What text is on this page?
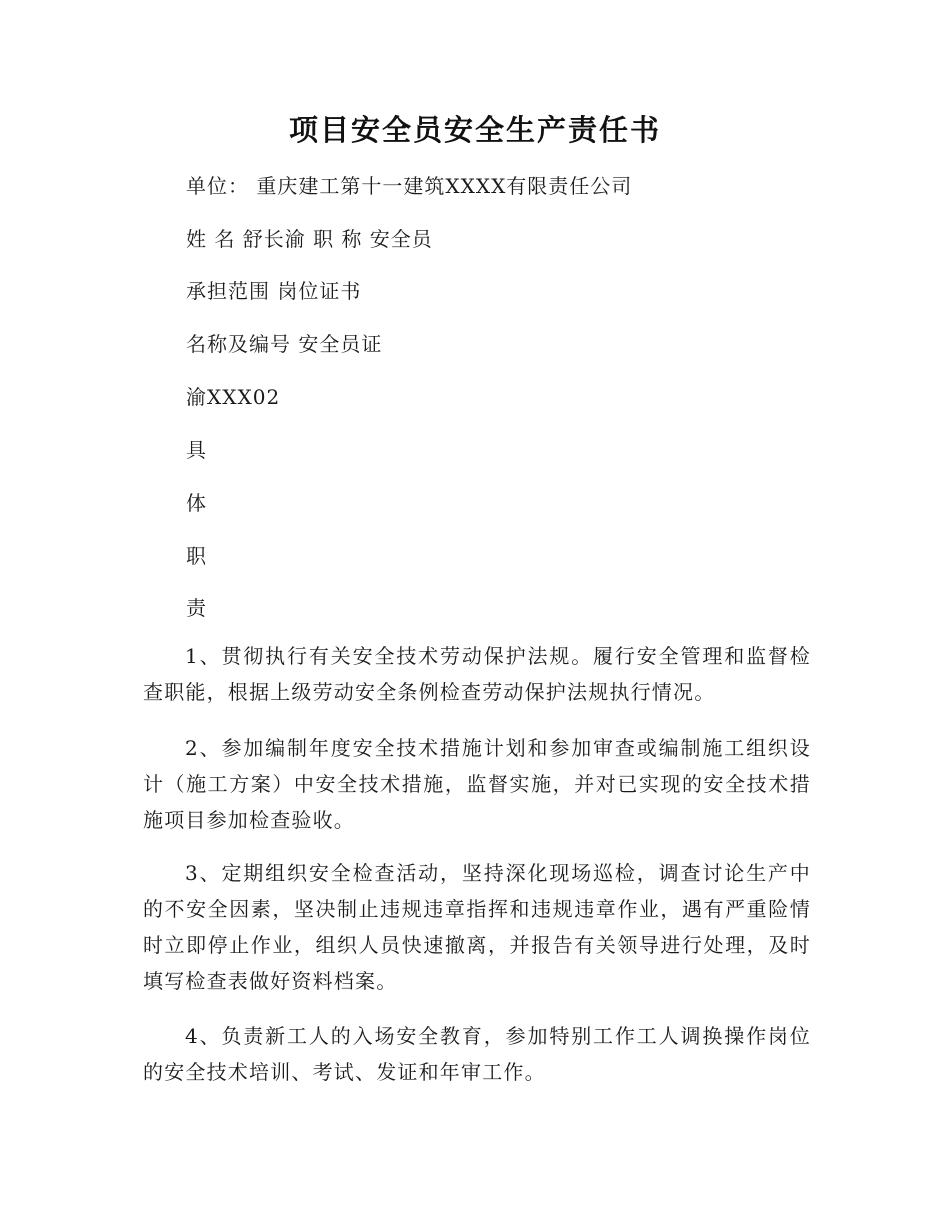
项目安全员安全生产责任书
单位： 重庆建工第十一建筑XXXX有限责任公司
姓 名 舒长渝 职 称 安全员
承担范围 岗位证书
名称及编号 安全员证
渝XXX02
具
体
职
责
1、贯彻执行有关安全技术劳动保护法规。履行安全管理和监督检查职能，根据上级劳动安全条例检查劳动保护法规执行情况。
2、参加编制年度安全技术措施计划和参加审查或编制施工组织设计（施工方案）中安全技术措施，监督实施，并对已实现的安全技术措施项目参加检查验收。
3、定期组织安全检查活动，坚持深化现场巡检，调查讨论生产中的不安全因素，坚决制止违规违章指挥和违规违章作业，遇有严重险情时立即停止作业，组织人员快速撤离，并报告有关领导进行处理，及时填写检查表做好资料档案。
4、负责新工人的入场安全教育，参加特别工作工人调换操作岗位的安全技术培训、考试、发证和年审工作。
